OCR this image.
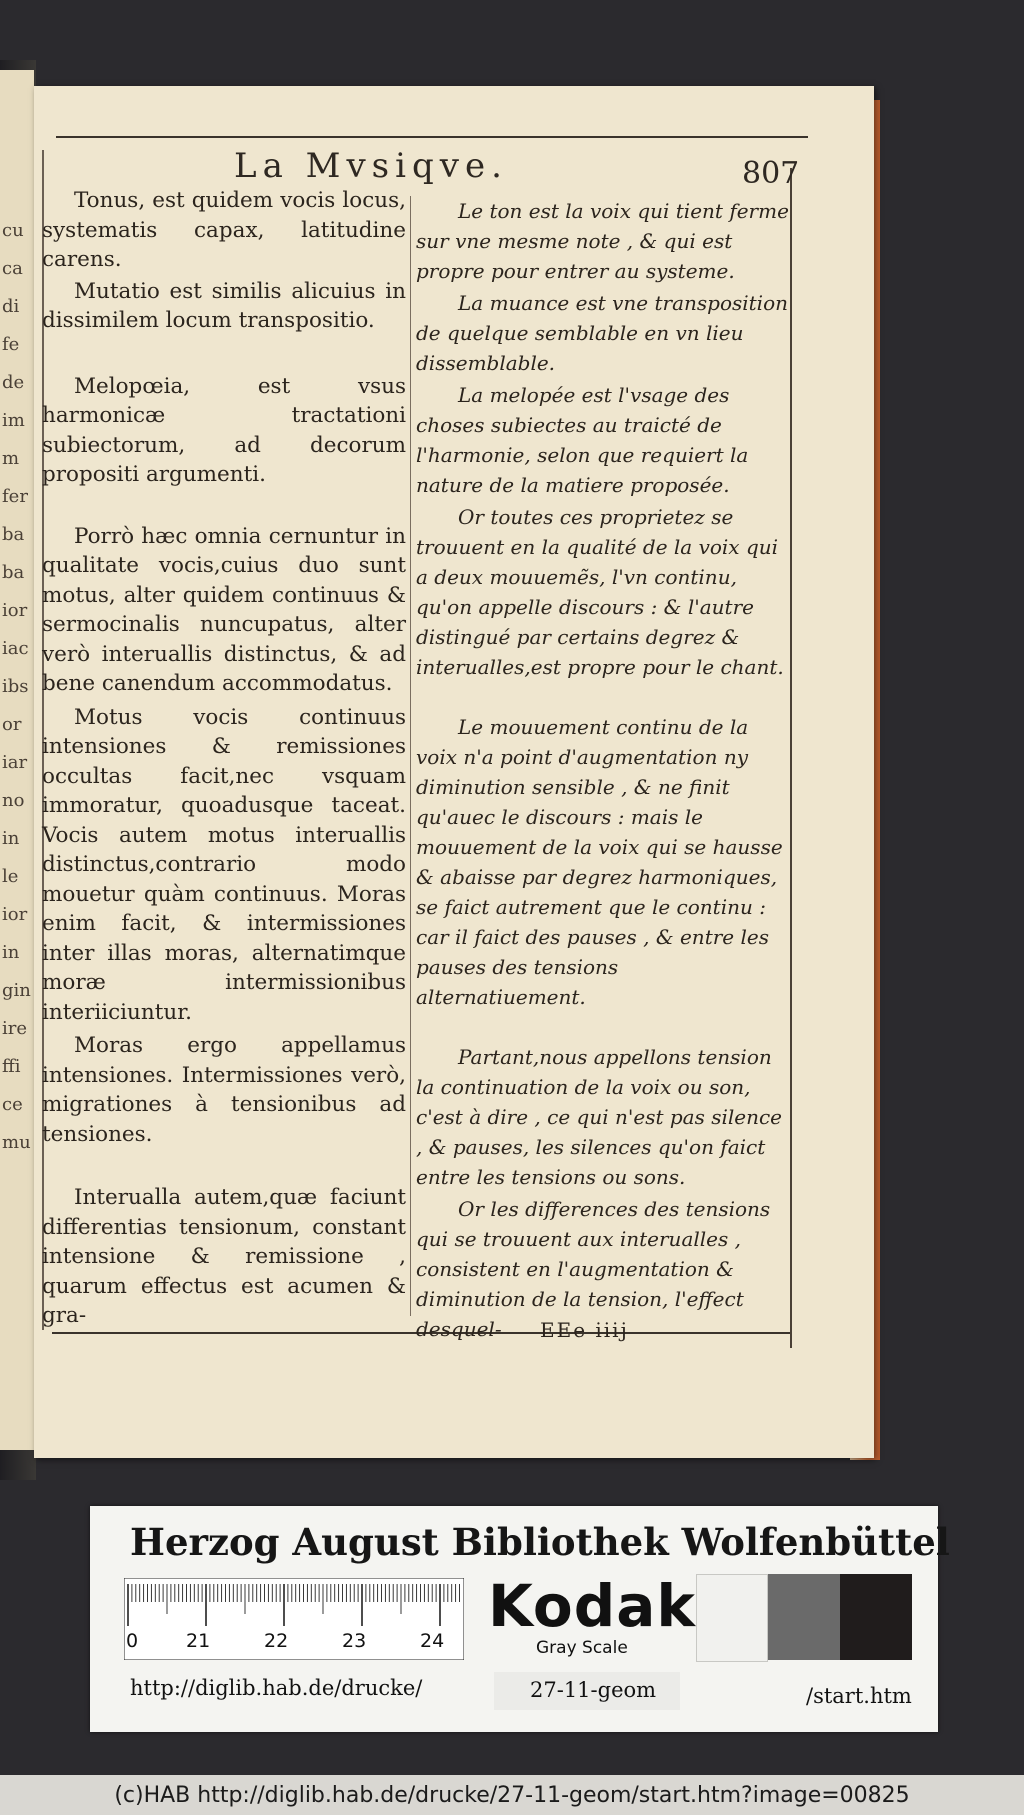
cu
ca
di
fe
de
im
m
fer
ba
ba
ior
iac
ibs
or
iar
no
in
le
ior
in
gin
ire
ffi
ce
mu
La Mvsiqve.	807

Tonus, est quidem vocis locus, systematis capax, latitudine carens.

Mutatio est similis alicuius in dissimilem locum transpositio.

Melopœia, est vsus harmonicæ tractationi subiectorum, ad decorum propositi argumenti.

Porrò hæc omnia cernuntur in qualitate vocis,cuius duo sunt motus, alter quidem continuus & sermocinalis nuncupatus, alter verò interuallis distinctus, & ad bene canendum accommodatus.

Motus vocis continuus intensiones & remissiones occultas facit,nec vsquam immoratur, quoadusque taceat. Vocis autem motus interuallis distinctus,contrario modo mouetur quàm continuus. Moras enim facit, & intermissiones inter illas moras, alternatimque moræ intermissionibus interiiciuntur.

Moras ergo appellamus intensiones. Intermissiones verò, migrationes à tensionibus ad tensiones.

Interualla autem,quæ faciunt differentias tensionum, constant intensione & remissione , quarum effectus est acumen & gra-

Le ton est la voix qui tient ferme sur vne mesme note , & qui est propre pour entrer au systeme.

La muance est vne transposition de quelque semblable en vn lieu dissemblable.

La melopée est l'vsage des choses subiectes au traicté de l'harmonie, selon que requiert la nature de la matiere proposée.

Or toutes ces proprietez se trouuent en la qualité de la voix qui a deux mouuemẽs, l'vn continu, qu'on appelle discours : & l'autre distingué par certains degrez & interualles,est propre pour le chant.

Le mouuement continu de la voix n'a point d'augmentation ny diminution sensible , & ne finit qu'auec le discours : mais le mouuement de la voix qui se hausse & abaisse par degrez harmoniques, se faict autrement que le continu : car il faict des pauses , & entre les pauses des tensions alternatiuement.

Partant,nous appellons tension la continuation de la voix ou son, c'est à dire , ce qui n'est pas silence , & pauses, les silences qu'on faict entre les tensions ou sons.

Or les differences des tensions qui se trouuent aux interualles , consistent en l'augmentation & diminution de la tension, l'effect desquel-	EEe iiij
Herzog August Bibliothek Wolfenbüttel
0	21	22	23	24
Kodak
Gray Scale
http://diglib.hab.de/drucke/	27-11-geom	/start.htm
(c)HAB http://diglib.hab.de/drucke/27-11-geom/start.htm?image=00825
